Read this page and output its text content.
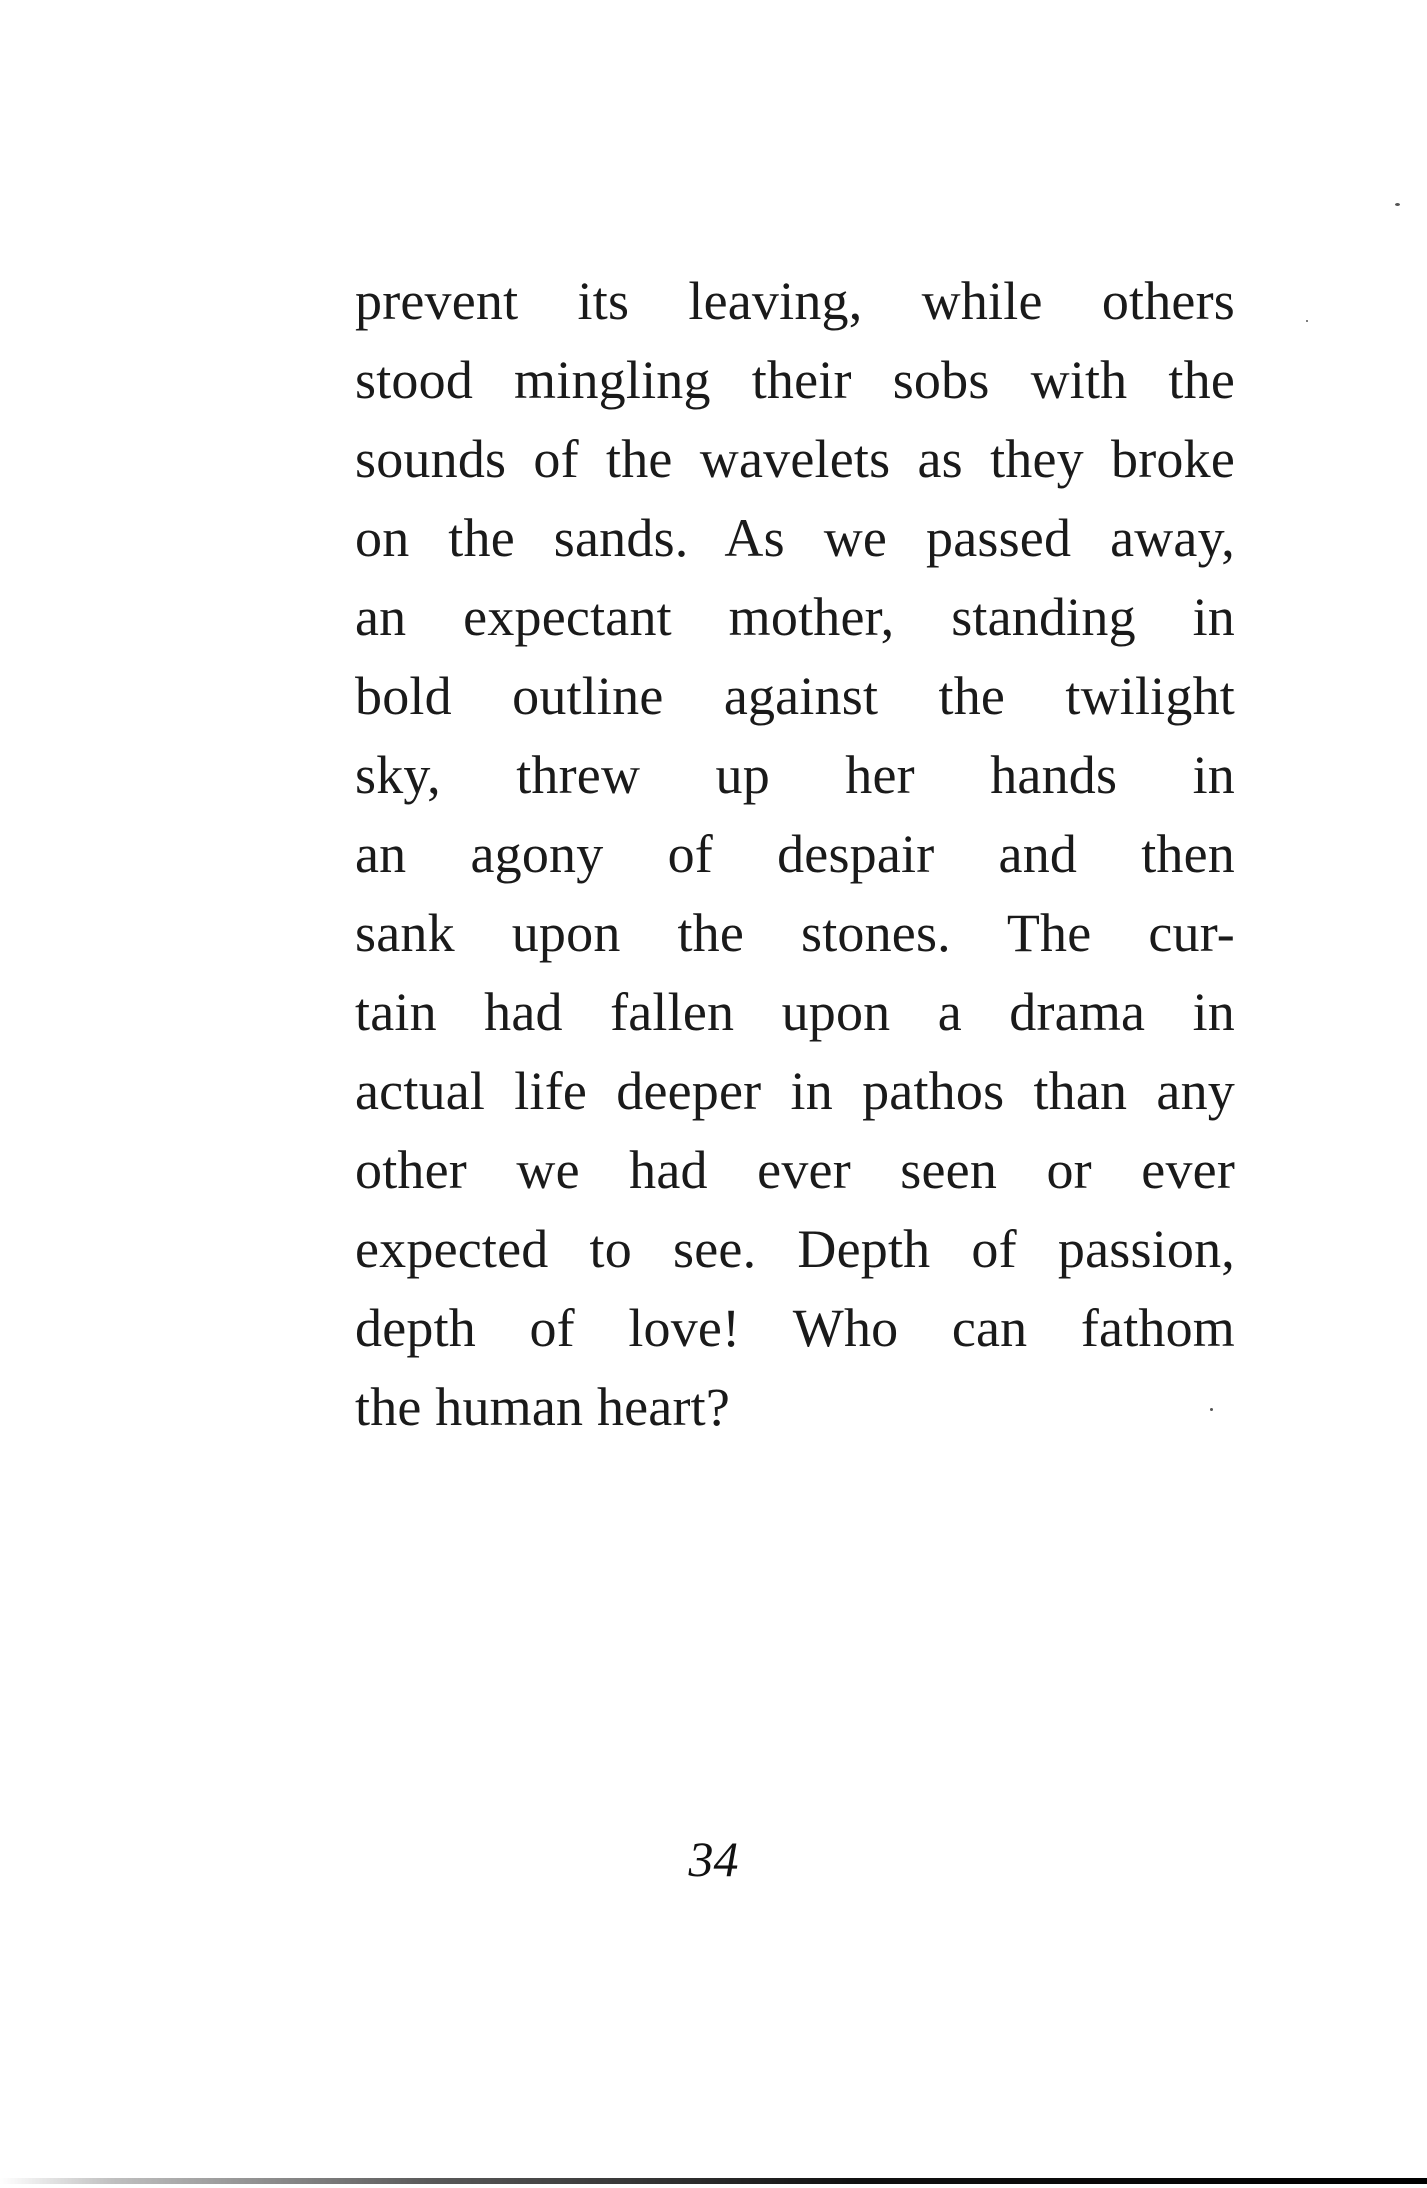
prevent its leaving, while others
stood mingling their sobs with the
sounds of the wavelets as they broke
on the sands. As we passed away,
an expectant mother, standing in
bold outline against the twilight
sky, threw up her hands in
an agony of despair and then
sank upon the stones. The cur-
tain had fallen upon a drama in
actual life deeper in pathos than any
other we had ever seen or ever
expected to see. Depth of passion,
depth of love! Who can fathom
the human heart?
34
